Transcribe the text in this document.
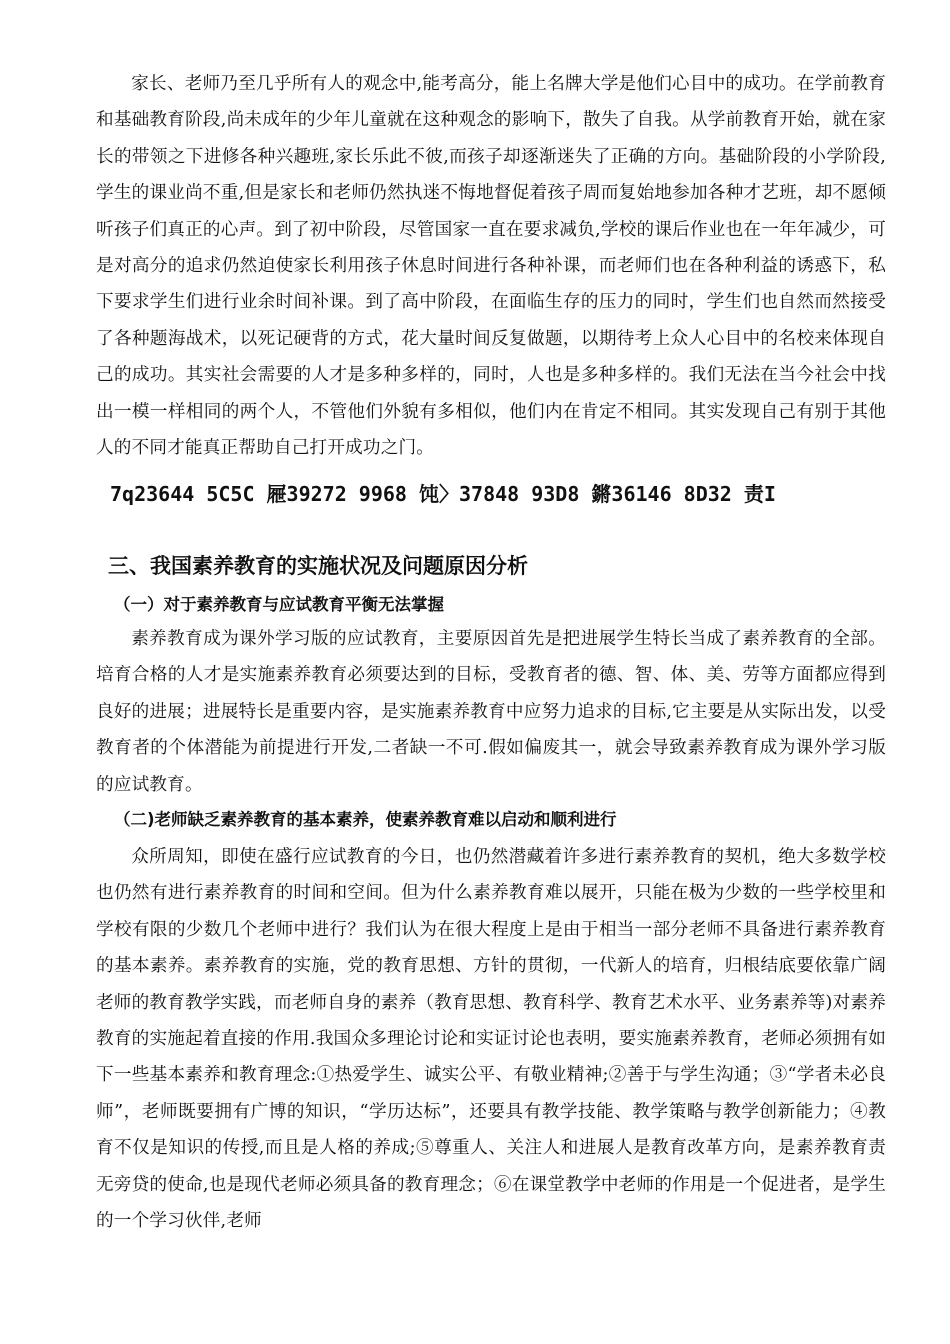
家长、老师乃至几乎所有人的观念中,能考高分，能上名牌大学是他们心目中的成功。在学前教育和基础教育阶段,尚未成年的少年儿童就在这种观念的影响下，散失了自我。从学前教育开始，就在家长的带领之下进修各种兴趣班,家长乐此不彼,而孩子却逐渐迷失了正确的方向。基础阶段的小学阶段,学生的课业尚不重,但是家长和老师仍然执迷不悔地督促着孩子周而复始地参加各种才艺班，却不愿倾听孩子们真正的心声。到了初中阶段，尽管国家一直在要求减负,学校的课后作业也在一年年减少，可是对高分的追求仍然迫使家长利用孩子休息时间进行各种补课，而老师们也在各种利益的诱惑下，私下要求学生们进行业余时间补课。到了高中阶段，在面临生存的压力的同时，学生们也自然而然接受了各种题海战术，以死记硬背的方式，花大量时间反复做题，以期待考上众人心目中的名校来体现自己的成功。其实社会需要的人才是多种多样的，同时，人也是多种多样的。我们无法在当今社会中找出一模一样相同的两个人，不管他们外貌有多相似，他们内在肯定不相同。其实发现自己有别于其他人的不同才能真正帮助自己打开成功之门。

7q23644 5C5C 屜39272 9968 饨〉37848 93D8 鏘36146 8D32 责I

三、我国素养教育的实施状况及问题原因分析
（一）对于素养教育与应试教育平衡无法掌握

素养教育成为课外学习版的应试教育，主要原因首先是把进展学生特长当成了素养教育的全部。培育合格的人才是实施素养教育必须要达到的目标，受教育者的德、智、体、美、劳等方面都应得到良好的进展；进展特长是重要内容，是实施素养教育中应努力追求的目标,它主要是从实际出发，以受教育者的个体潜能为前提进行开发,二者缺一不可.假如偏废其一，就会导致素养教育成为课外学习版的应试教育。

（二)老师缺乏素养教育的基本素养，使素养教育难以启动和顺利进行

众所周知，即使在盛行应试教育的今日，也仍然潜藏着许多进行素养教育的契机，绝大多数学校也仍然有进行素养教育的时间和空间。但为什么素养教育难以展开，只能在极为少数的一些学校里和学校有限的少数几个老师中进行？我们认为在很大程度上是由于相当一部分老师不具备进行素养教育的基本素养。素养教育的实施，党的教育思想、方针的贯彻，一代新人的培育，归根结底要依靠广阔老师的教育教学实践，而老师自身的素养（教育思想、教育科学、教育艺术水平、业务素养等)对素养教育的实施起着直接的作用.我国众多理论讨论和实证讨论也表明，要实施素养教育，老师必须拥有如下一些基本素养和教育理念:①热爱学生、诚实公平、有敬业精神;②善于与学生沟通；③“学者未必良师”，老师既要拥有广博的知识，“学历达标”，还要具有教学技能、教学策略与教学创新能力；④教育不仅是知识的传授,而且是人格的养成;⑤尊重人、关注人和进展人是教育改革方向，是素养教育责无旁贷的使命,也是现代老师必须具备的教育理念；⑥在课堂教学中老师的作用是一个促进者，是学生的一个学习伙伴,老师
